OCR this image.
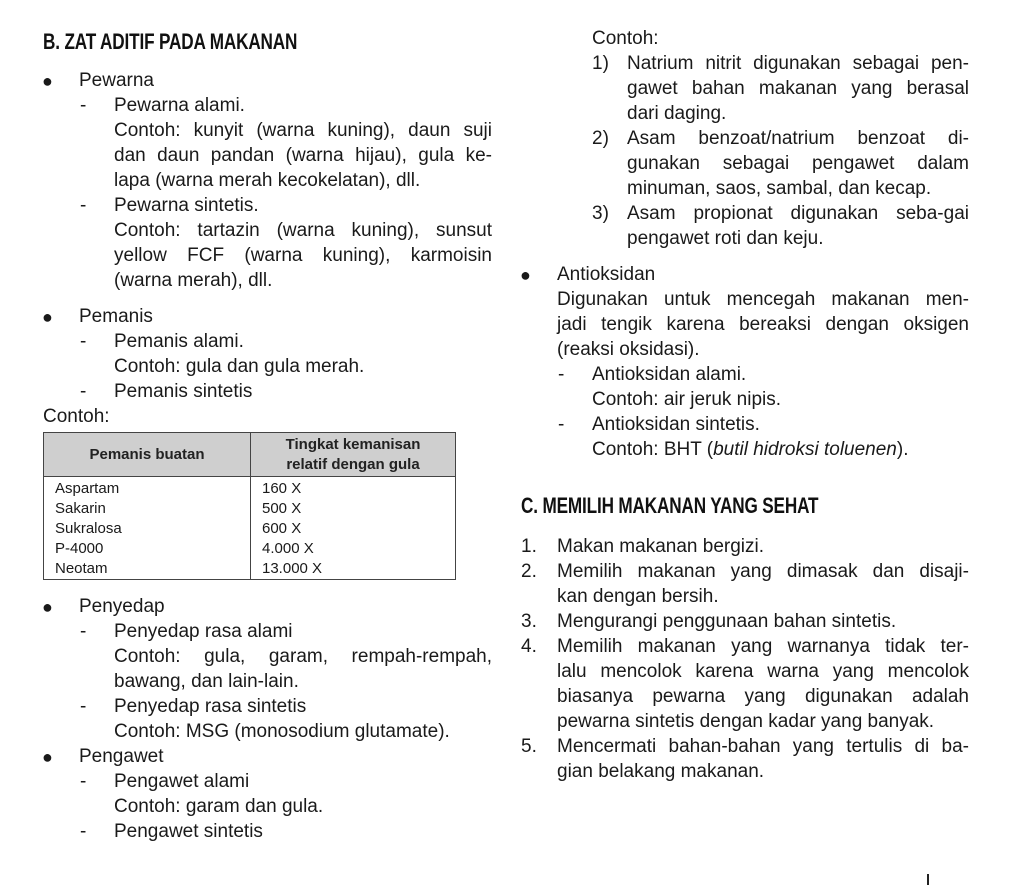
B. ZAT ADITIF PADA MAKANAN
● Pewarna
- Pewarna alami.
Contoh: kunyit (warna kuning), daun suji
dan daun pandan (warna hijau), gula ke-
lapa (warna merah kecokelatan), dll.
- Pewarna sintetis.
Contoh: tartazin (warna kuning), sunsut
yellow FCF (warna kuning), karmoisin
(warna merah), dll.
● Pemanis
- Pemanis alami.
Contoh: gula dan gula merah.
- Pemanis sintetis
Contoh:
Pemanis buatan	Tingkat kemanisan
relatif dengan gula

Aspartam	160 X
Sakarin	500 X
Sukralosa	600 X
P-4000	4.000 X
Neotam	13.000 X
● Penyedap
- Penyedap rasa alami
Contoh: gula, garam, rempah-rempah,
bawang, dan lain-lain.
- Penyedap rasa sintetis
Contoh: MSG (monosodium glutamate).
● Pengawet
- Pengawet alami
Contoh: garam dan gula.
- Pengawet sintetis
Contoh:
1) Natrium nitrit digunakan sebagai pen-
gawet bahan makanan yang berasal
dari daging.
2) Asam benzoat/natrium benzoat di-
gunakan sebagai pengawet dalam
minuman, saos, sambal, dan kecap.
3) Asam propionat digunakan seba-gai
pengawet roti dan keju.
● Antioksidan
Digunakan untuk mencegah makanan men-
jadi tengik karena bereaksi dengan oksigen
(reaksi oksidasi).
- Antioksidan alami.
Contoh: air jeruk nipis.
- Antioksidan sintetis.
Contoh: BHT (butil hidroksi toluenen).
C. MEMILIH MAKANAN YANG SEHAT
1. Makan makanan bergizi.
2. Memilih makanan yang dimasak dan disaji-
kan dengan bersih.
3. Mengurangi penggunaan bahan sintetis.
4. Memilih makanan yang warnanya tidak ter-
lalu mencolok karena warna yang mencolok
biasanya pewarna yang digunakan adalah
pewarna sintetis dengan kadar yang banyak.
5. Mencermati bahan-bahan yang tertulis di ba-
gian belakang makanan.
